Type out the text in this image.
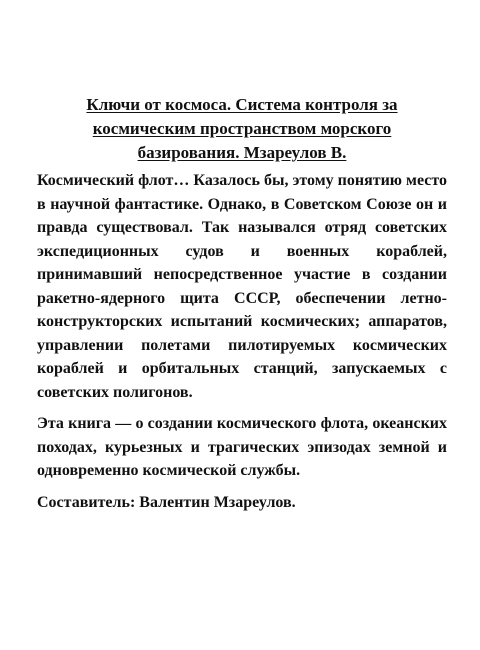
Ключи от космоса. Система контроля за космическим пространством морского базирования. Мзареулов В.
Космический флот… Казалось бы, этому понятию место в научной фантастике. Однако, в Советском Союзе он и правда существовал. Так назывался отряд советских экспедиционных судов и военных кораблей, принимавший непосредственное участие в создании ракетно-ядерного щита СССР, обеспечении летно-конструкторских испытаний космических; аппаратов, управлении полетами пилотируемых космических кораблей и орбитальных станций, запускаемых с советских полигонов.
Эта книга — о создании космического флота, океанских походах, курьезных и трагических эпизодах земной и одновременно космической службы.
Составитель: Валентин Мзареулов.
